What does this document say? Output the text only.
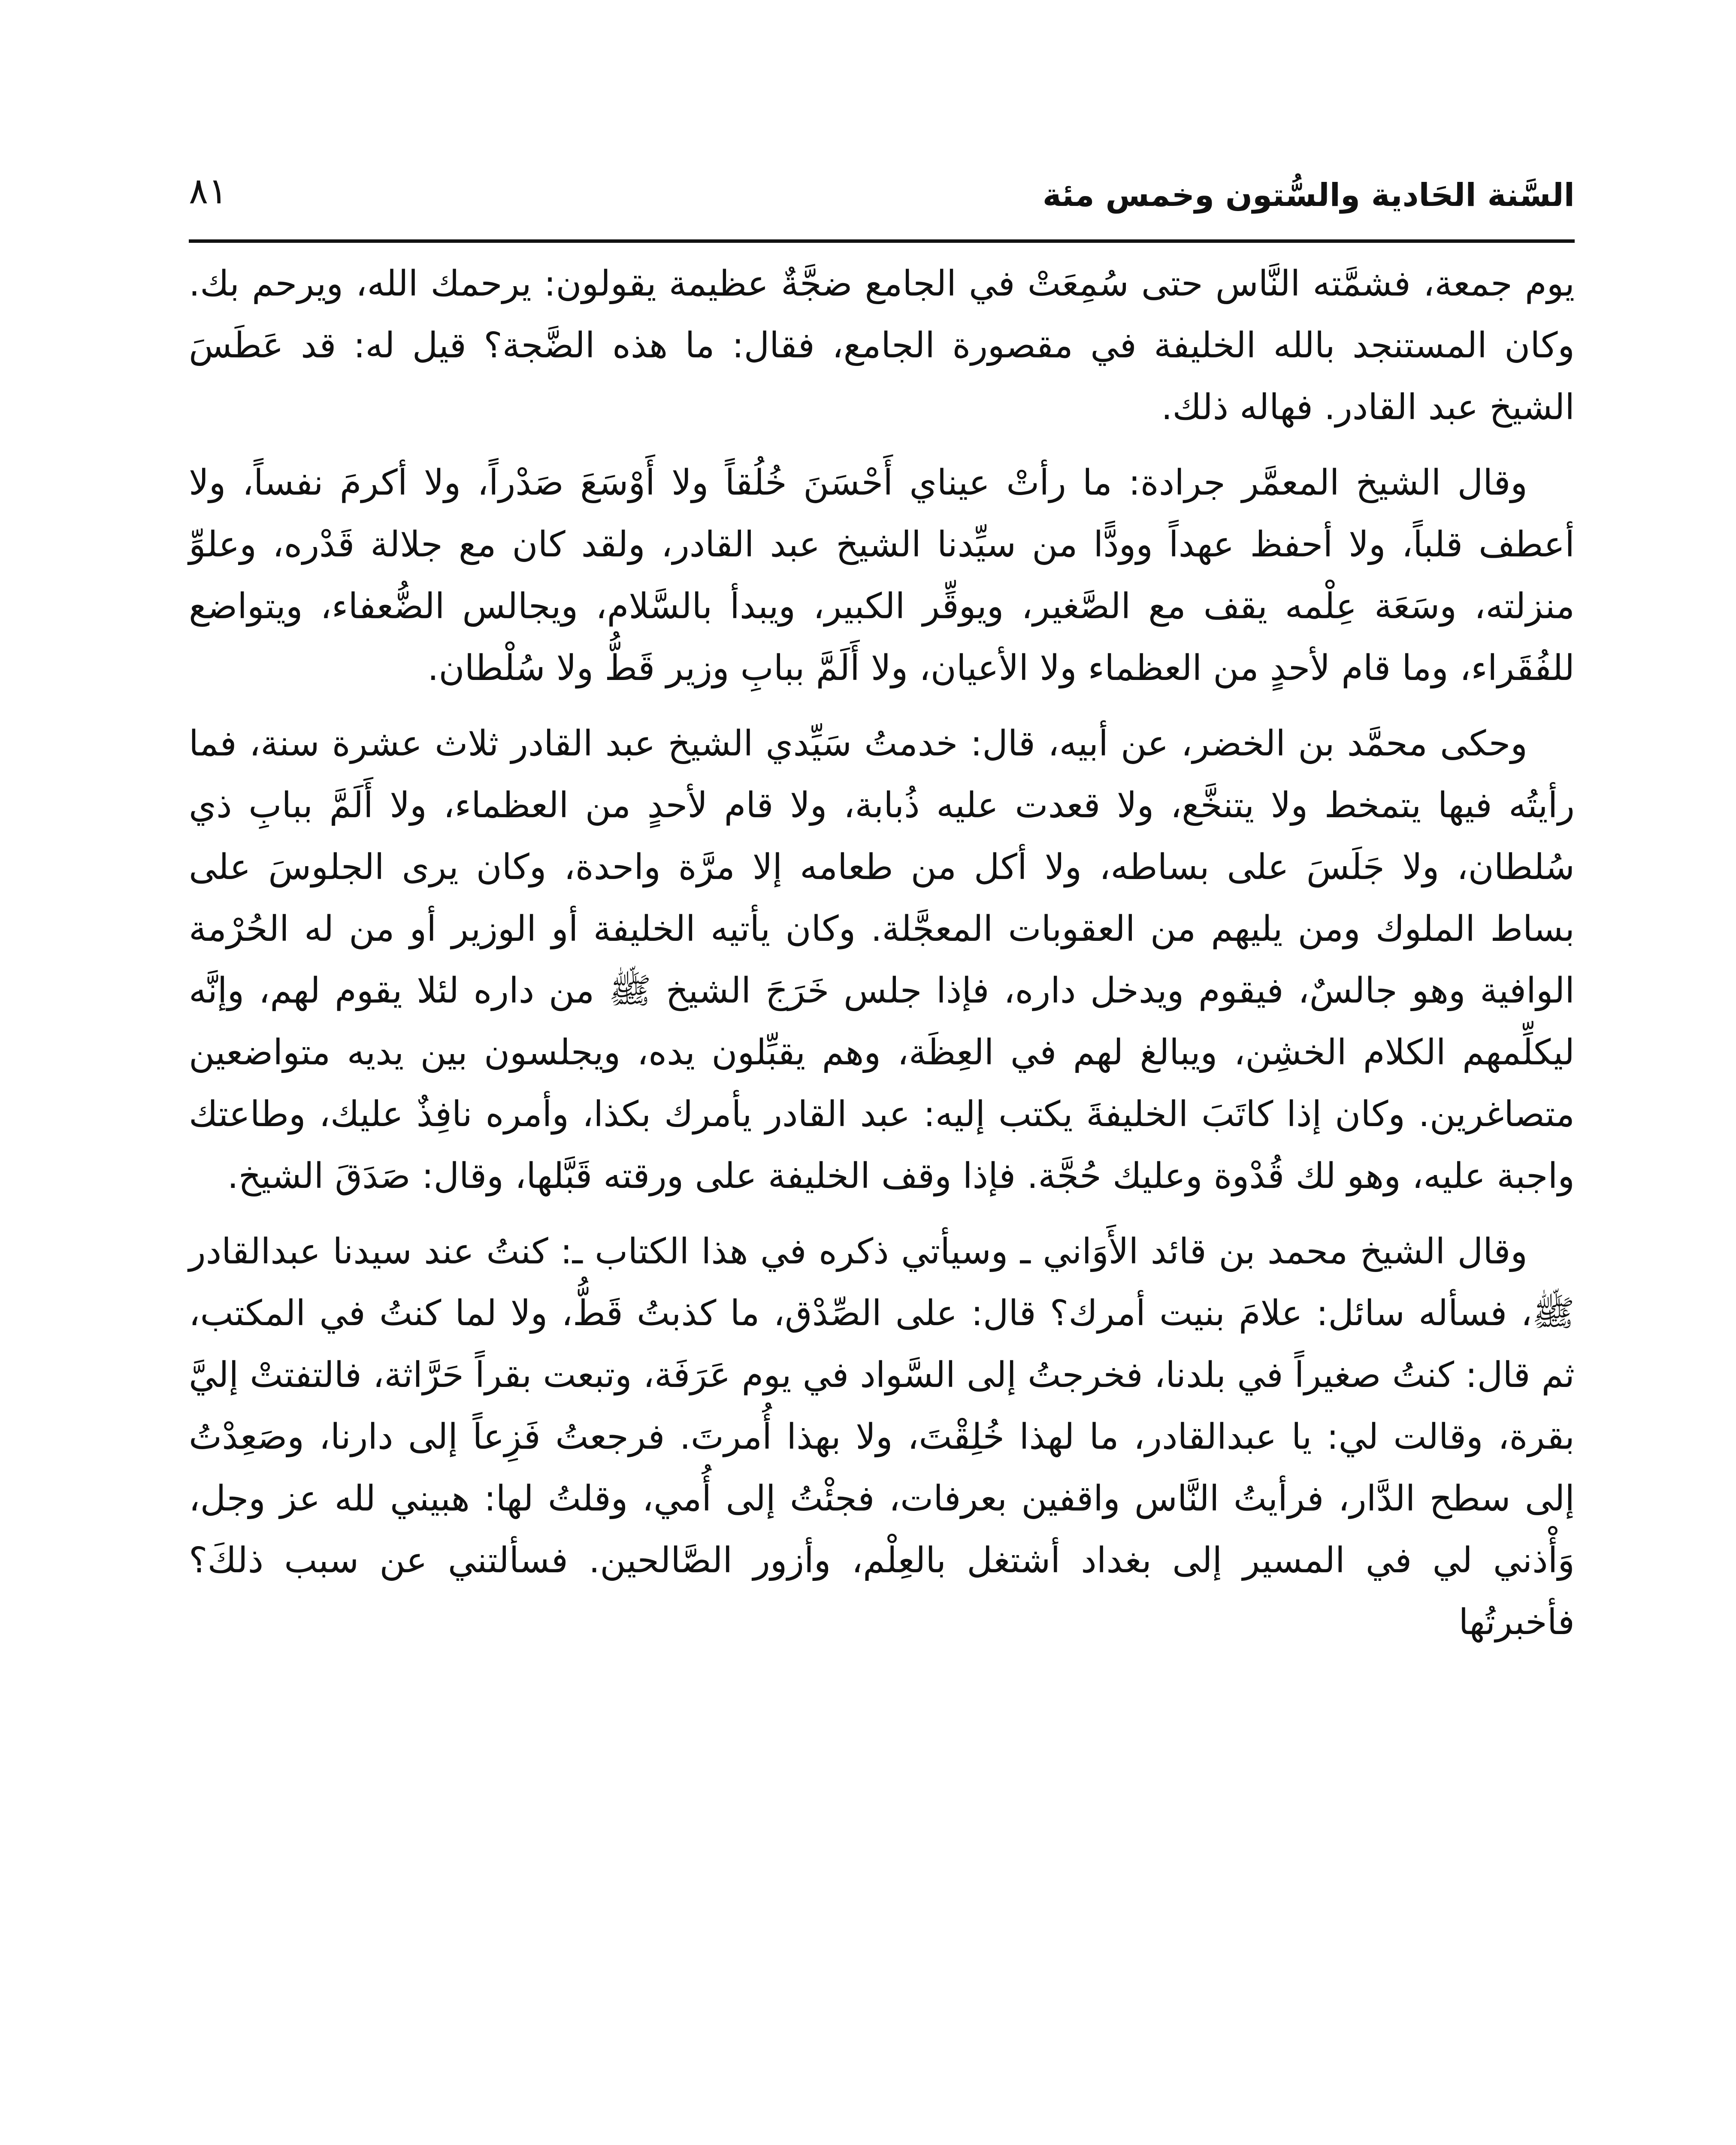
السَّنة الحَادية والسُّتون وخمس مئة
٨١

يوم جمعة، فشمَّته النَّاس حتى سُمِعَتْ في الجامع ضجَّةٌ عظيمة يقولون: يرحمك الله، ويرحم بك. وكان المستنجد بالله الخليفة في مقصورة الجامع، فقال: ما هذه الضَّجة؟ قيل له: قد عَطَسَ الشيخ عبد القادر. فهاله ذلك.

وقال الشيخ المعمَّر جرادة: ما رأتْ عيناي أَحْسَنَ خُلُقاً ولا أَوْسَعَ صَدْراً، ولا أكرمَ نفساً، ولا أعطف قلباً، ولا أحفظ عهداً وودًّا من سيِّدنا الشيخ عبد القادر، ولقد كان مع جلالة قَدْره، وعلوِّ منزلته، وسَعَة عِلْمه يقف مع الصَّغير، ويوقِّر الكبير، ويبدأ بالسَّلام، ويجالس الضُّعفاء، ويتواضع للفُقَراء، وما قام لأحدٍ من العظماء ولا الأعيان، ولا أَلَمَّ ببابِ وزير قَطُّ ولا سُلْطان.

وحكى محمَّد بن الخضر، عن أبيه، قال: خدمتُ سَيِّدي الشيخ عبد القادر ثلاث عشرة سنة، فما رأيتُه فيها يتمخط ولا يتنخَّع، ولا قعدت عليه ذُبابة، ولا قام لأحدٍ من العظماء، ولا أَلَمَّ ببابِ ذي سُلطان، ولا جَلَسَ على بساطه، ولا أكل من طعامه إلا مرَّة واحدة، وكان يرى الجلوسَ على بساط الملوك ومن يليهم من العقوبات المعجَّلة. وكان يأتيه الخليفة أو الوزير أو من له الحُرْمة الوافية وهو جالسٌ، فيقوم ويدخل داره، فإذا جلس خَرَجَ الشيخ ﷺ من داره لئلا يقوم لهم، وإنَّه ليكلِّمهم الكلام الخشِن، ويبالغ لهم في العِظَة، وهم يقبِّلون يده، ويجلسون بين يديه متواضعين متصاغرين. وكان إذا كاتَبَ الخليفةَ يكتب إليه: عبد القادر يأمرك بكذا، وأمره نافِذٌ عليك، وطاعتك واجبة عليه، وهو لك قُدْوة وعليك حُجَّة. فإذا وقف الخليفة على ورقته قَبَّلها، وقال: صَدَقَ الشيخ.

وقال الشيخ محمد بن قائد الأَوَاني ـ وسيأتي ذكره في هذا الكتاب ـ: كنتُ عند سيدنا عبدالقادر ﷺ، فسأله سائل: علامَ بنيت أمرك؟ قال: على الصِّدْق، ما كذبتُ قَطُّ، ولا لما كنتُ في المكتب، ثم قال: كنتُ صغيراً في بلدنا، فخرجتُ إلى السَّواد في يوم عَرَفَة، وتبعت بقراً حَرَّاثة، فالتفتتْ إليَّ بقرة، وقالت لي: يا عبدالقادر، ما لهذا خُلِقْتَ، ولا بهذا أُمرتَ. فرجعتُ فَزِعاً إلى دارنا، وصَعِدْتُ إلى سطح الدَّار، فرأيتُ النَّاس واقفين بعرفات، فجئْتُ إلى أُمي، وقلتُ لها: هبيني لله عز وجل، وَأْذني لي في المسير إلى بغداد أشتغل بالعِلْم، وأزور الصَّالحين. فسألتني عن سبب ذلكَ؟ فأخبرتُها
